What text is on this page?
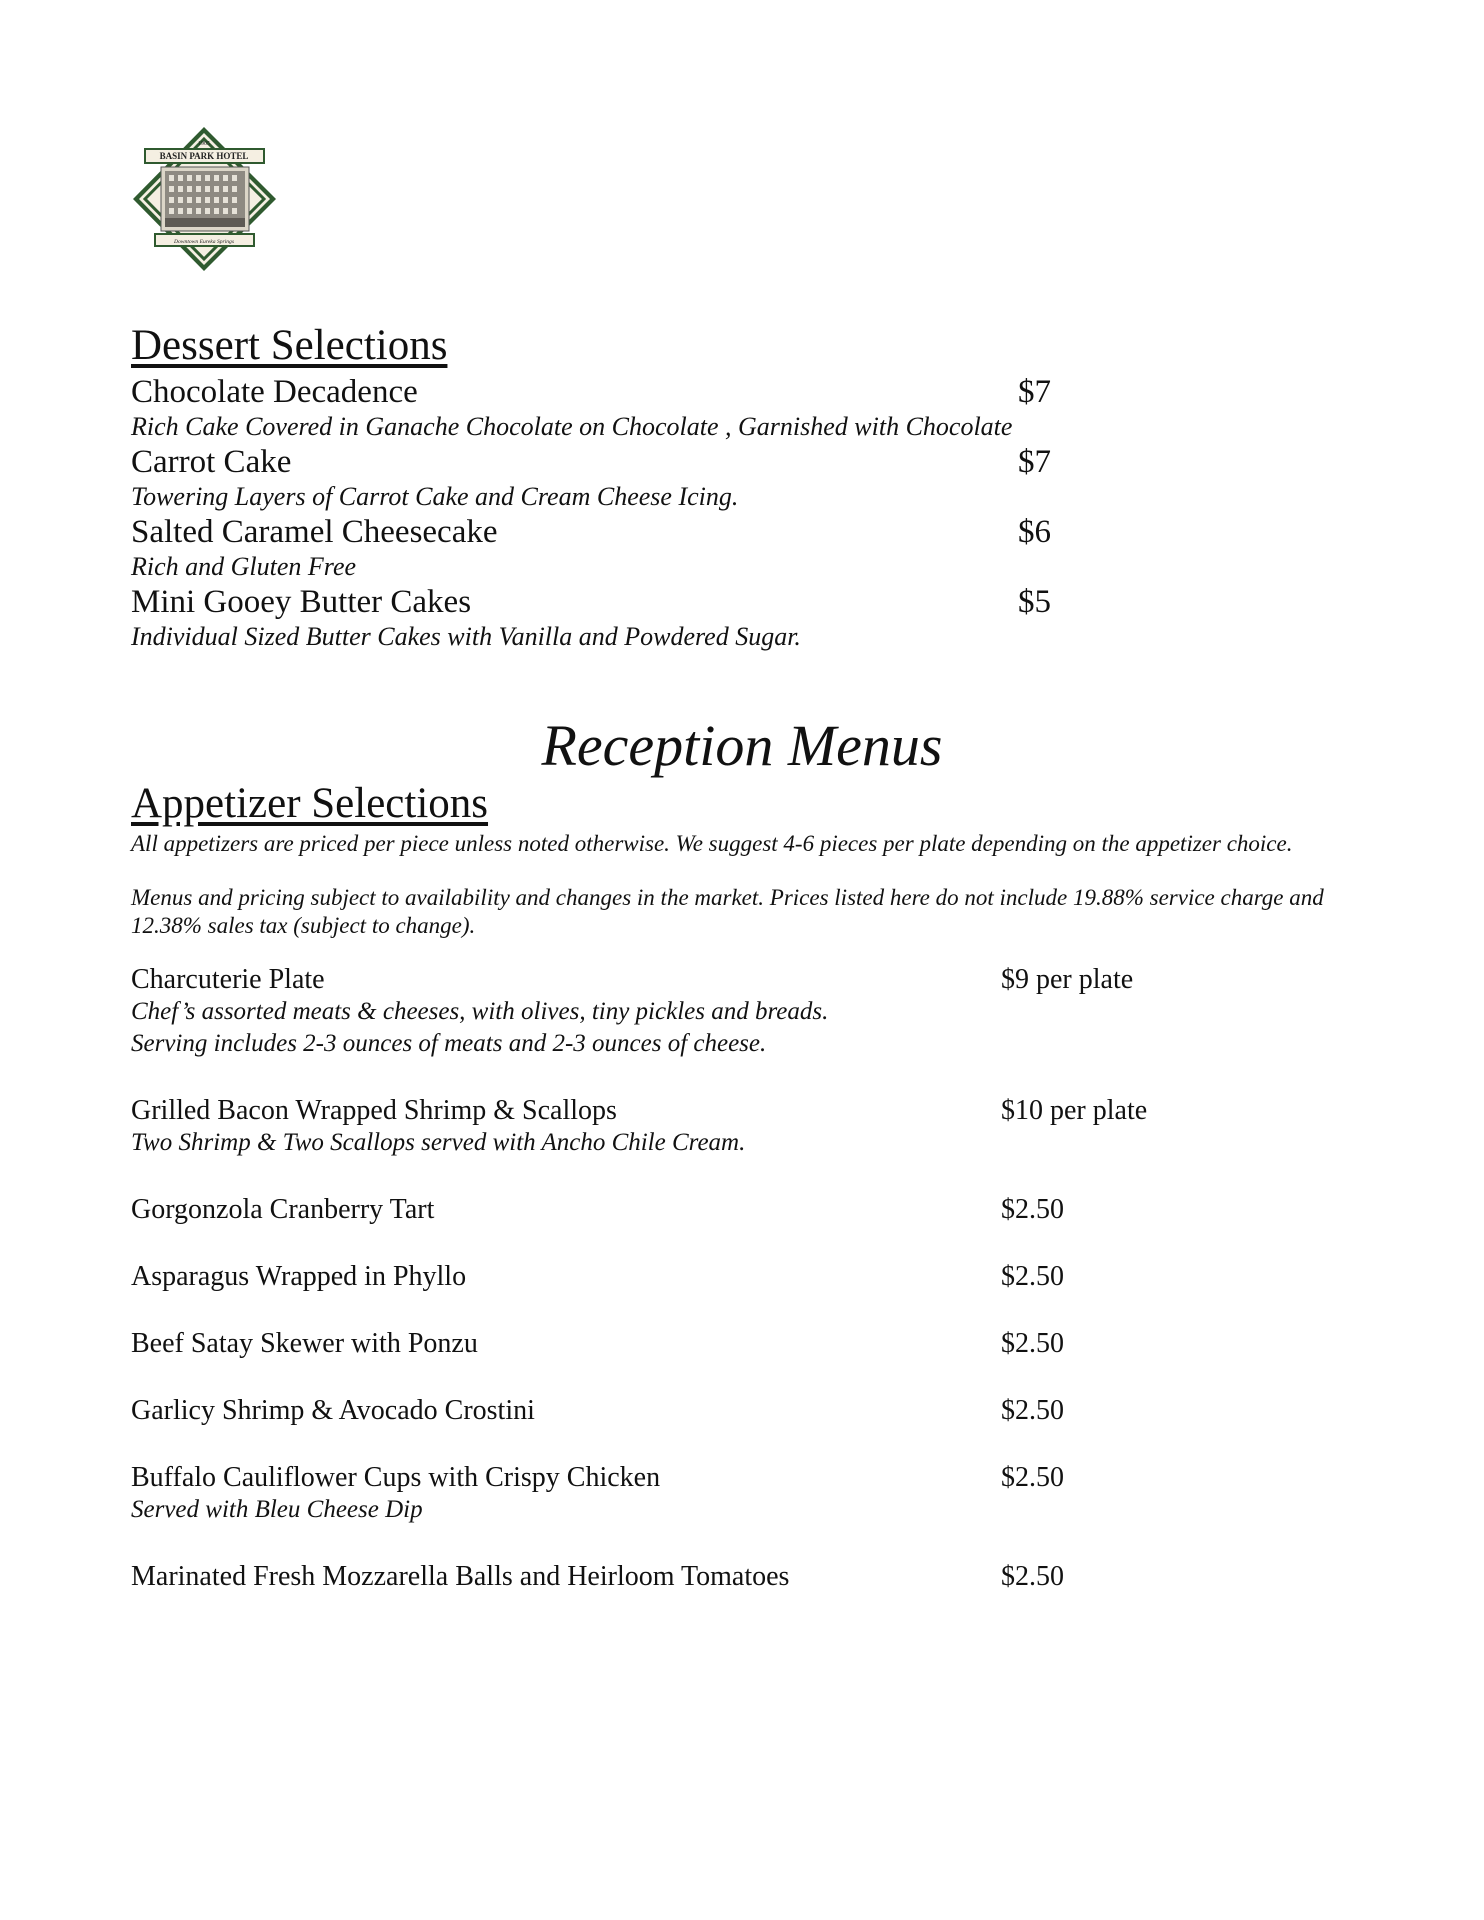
1905
BASIN PARK HOTEL
Downtown Eureka Springs
Dessert Selections
Chocolate Decadence	$7
Rich Cake Covered in Ganache Chocolate on Chocolate , Garnished with Chocolate
Carrot Cake	$7
Towering Layers of Carrot Cake and Cream Cheese Icing.
Salted Caramel Cheesecake	$6
Rich and Gluten Free
Mini Gooey Butter Cakes	$5
Individual Sized Butter Cakes with Vanilla and Powdered Sugar.
Reception Menus
Appetizer Selections

All appetizers are priced per piece unless noted otherwise. We suggest 4-6 pieces per plate depending on the appetizer choice.

Menus and pricing subject to availability and changes in the market. Prices listed here do not include 19.88% service charge and 12.38% sales tax (subject to change).

Charcuterie Plate	$9 per plate
Chef’s assorted meats & cheeses, with olives, tiny pickles and breads.
Serving includes 2-3 ounces of meats and 2-3 ounces of cheese.
Grilled Bacon Wrapped Shrimp & Scallops	$10 per plate
Two Shrimp & Two Scallops served with Ancho Chile Cream.
Gorgonzola Cranberry Tart	$2.50
Asparagus Wrapped in Phyllo	$2.50
Beef Satay Skewer with Ponzu	$2.50
Garlicy Shrimp & Avocado Crostini	$2.50
Buffalo Cauliflower Cups with Crispy Chicken	$2.50
Served with Bleu Cheese Dip
Marinated Fresh Mozzarella Balls and Heirloom Tomatoes	$2.50
